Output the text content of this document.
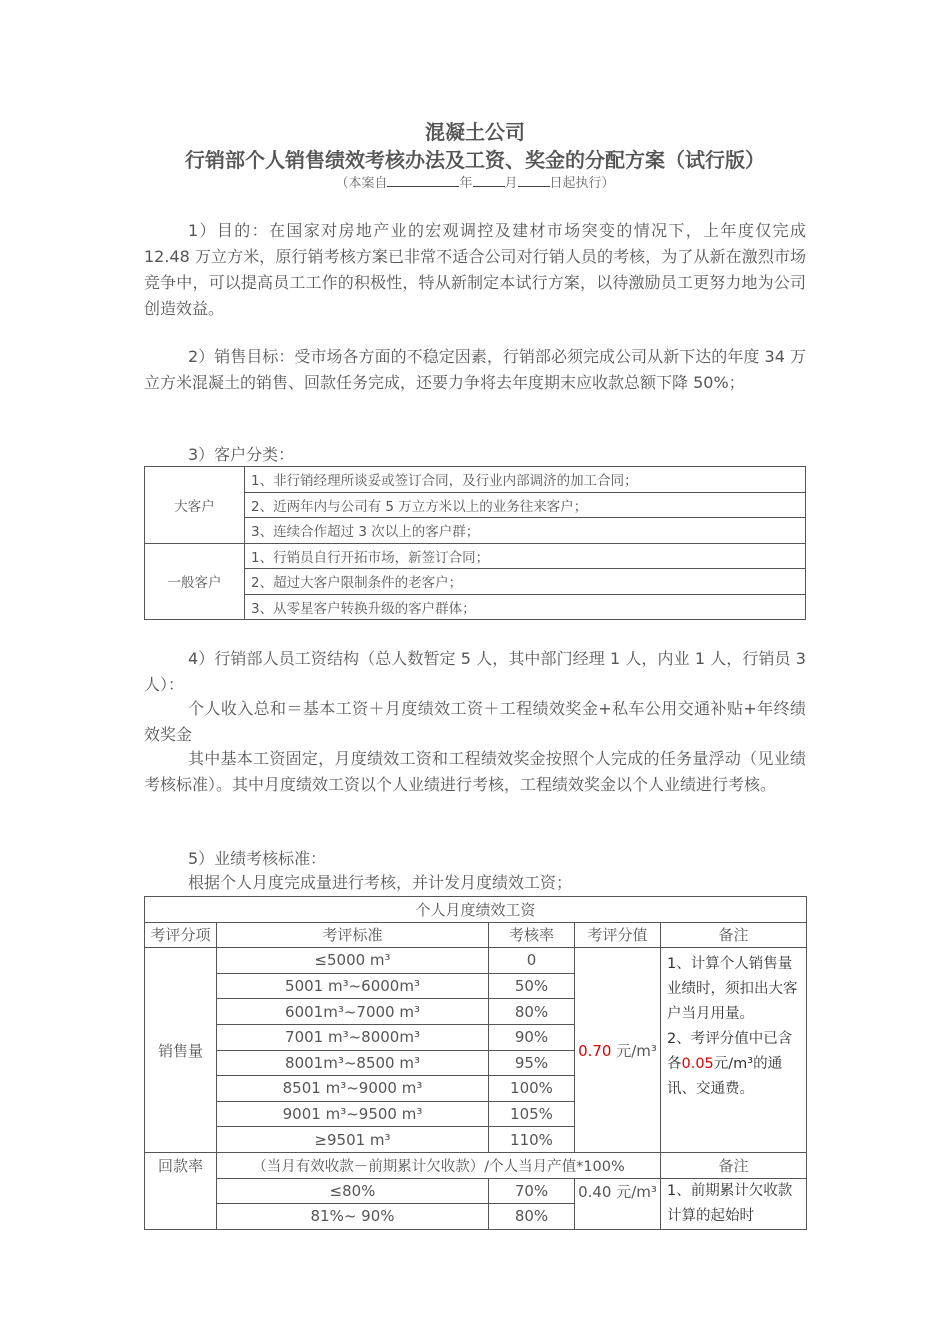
混凝土公司
行销部个人销售绩效考核办法及工资、奖金的分配方案（试行版）
（本案自	年 月 日起执行）
1）目的：在国家对房地产业的宏观调控及建材市场突变的情况下，上年度仅完成 12.48 万立方米，原行销考核方案已非常不适合公司对行销人员的考核，为了从新在激烈市场竞争中，可以提高员工工作的积极性，特从新制定本试行方案，以待激励员工更努力地为公司创造效益。
2）销售目标：受市场各方面的不稳定因素，行销部必须完成公司从新下达的年度 34 万立方米混凝土的销售、回款任务完成，还要力争将去年度期末应收款总额下降 50%；
3）客户分类：
大客户	1、非行销经理所谈妥或签订合同，及行业内部调济的加工合同；
	2、近两年内与公司有 5 万立方米以上的业务往来客户；
	3、连续合作超过 3 次以上的客户群；
一般客户	1、行销员自行开拓市场，新签订合同；
	2、超过大客户限制条件的老客户；
	3、从零星客户转换升级的客户群体；
4）行销部人员工资结构（总人数暂定 5 人，其中部门经理 1 人，内业 1 人，行销员 3 人）：
个人收入总和＝基本工资＋月度绩效工资＋工程绩效奖金+私车公用交通补贴+年终绩效奖金
其中基本工资固定，月度绩效工资和工程绩效奖金按照个人完成的任务量浮动（见业绩考核标准）。其中月度绩效工资以个人业绩进行考核，工程绩效奖金以个人业绩进行考核。
5）业绩考核标准：
根据个人月度完成量进行考核，并计发月度绩效工资；
个人月度绩效工资				
考评分项	考评标准	考核率	考评分值	备注
销售量	≤5000 m³	0	0.70 元/m³	1、计算个人销售量业绩时，须扣出大客户当月用量。
2、考评分值中已含各0.05元/m³的通讯、交通费。

	5001 m³~6000m³	50%		
	6001m³~7000 m³	80%		
	7001 m³~8000m³	90%		
	8001m³~8500 m³	95%		
	8501 m³~9000 m³	100%		
	9001 m³~9500 m³	105%		
	≥9501 m³	110%		
回款率	（当月有效收款－前期累计欠收款）/个人当月产值*100%			备注
	≤80%	70%	0.40 元/m³	1、前期累计欠收款计算的起始时
	81%~ 90%	80%		
